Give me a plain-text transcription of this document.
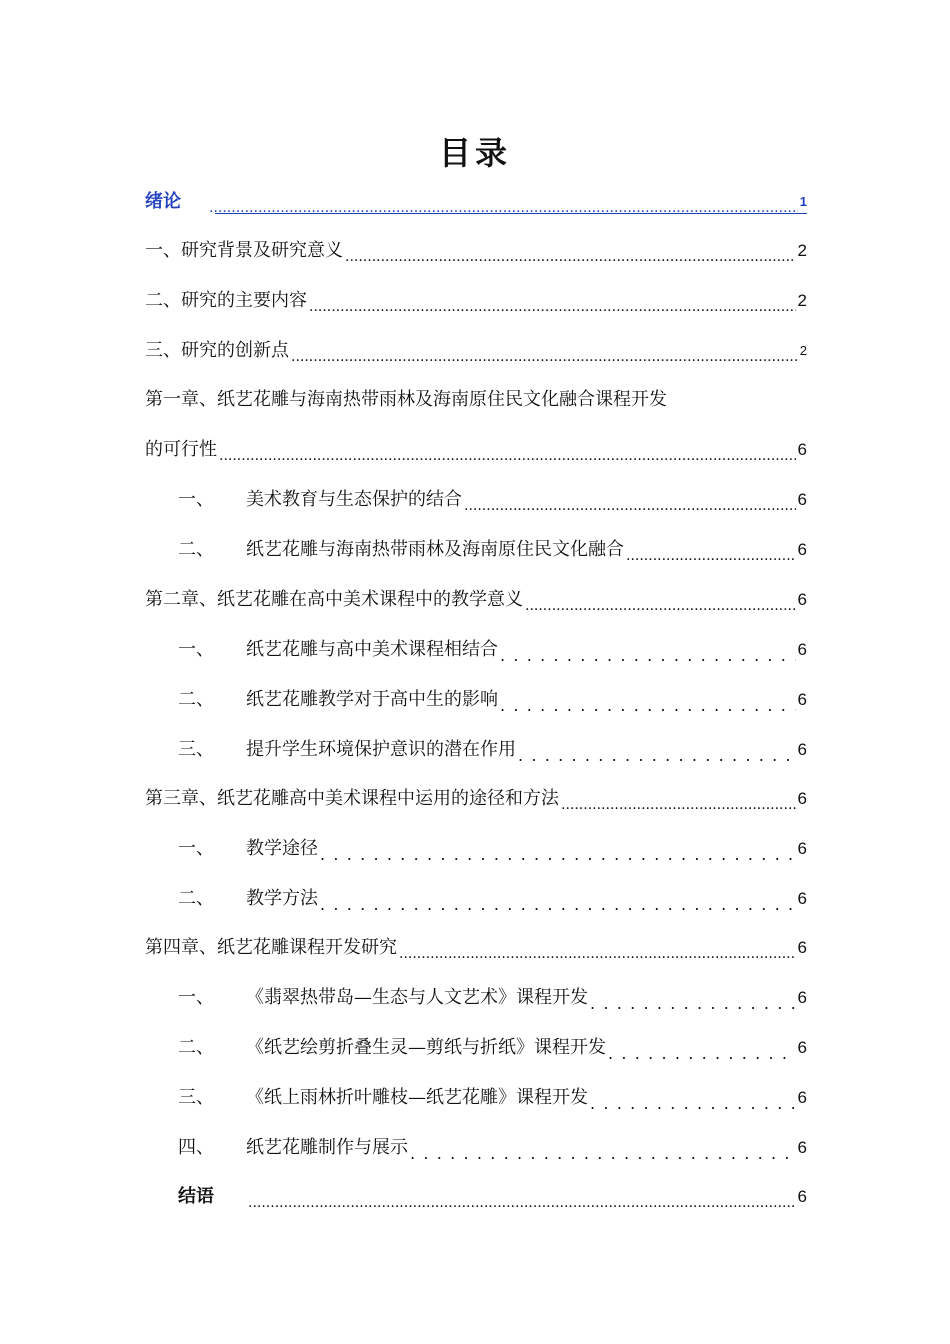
目录
绪论 .....	1
一、研究背景及研究意义 .....	2
二、研究的主要内容 .....	2
三、研究的创新点 .....	2
第一章、纸艺花雕与海南热带雨林及海南原住民文化融合课程开发
的可行性 .....	6
一、	美术教育与生态保护的结合 .....	6
二、	纸艺花雕与海南热带雨林及海南原住民文化融合 .....	6
第二章、纸艺花雕在高中美术课程中的教学意义 .....	6
一、	纸艺花雕与高中美术课程相结合 . . .	6
二、	纸艺花雕教学对于高中生的影响 . . .	6
三、	提升学生环境保护意识的潜在作用 . . .	6
第三章、纸艺花雕高中美术课程中运用的途径和方法 .....	6
一、	教学途径 . . .	6
二、	教学方法 . . .	6
第四章、纸艺花雕课程开发研究 .....	6
一、	《翡翠热带岛—生态与人文艺术》课程开发 . . .	6
二、	《纸艺绘剪折叠生灵—剪纸与折纸》课程开发 . . .	6
三、	《纸上雨林折叶雕枝—纸艺花雕》课程开发 . . .	6
四、	纸艺花雕制作与展示 . . .	6
结语 .....	6
